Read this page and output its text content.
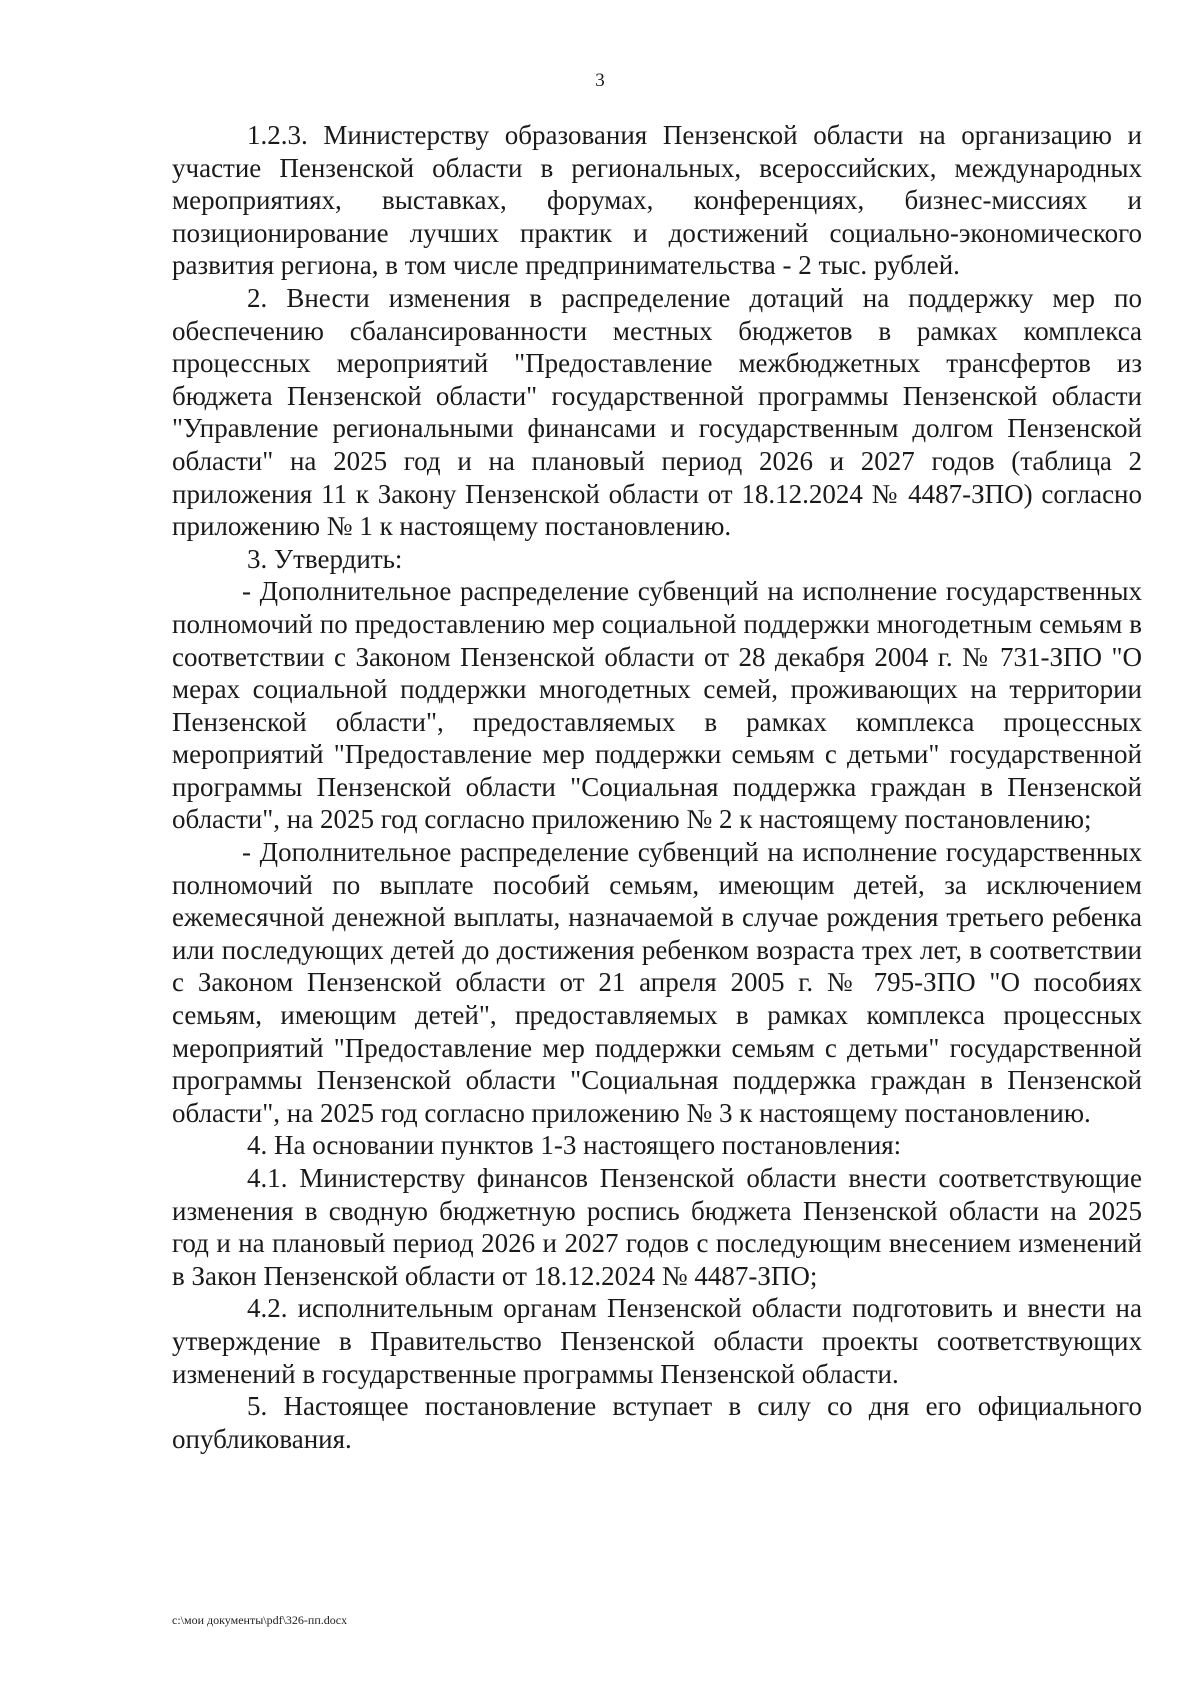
3

1.2.3. Министерству образования Пензенской области на организацию и участие Пензенской области в региональных, всероссийских, международных мероприятиях, выставках, форумах, конференциях, бизнес-миссиях и позиционирование лучших практик и достижений социально-экономического развития региона, в том числе предпринимательства - 2 тыс. рублей.

2. Внести изменения в распределение дотаций на поддержку мер по обеспечению сбалансированности местных бюджетов в рамках комплекса процессных мероприятий "Предоставление межбюджетных трансфертов из бюджета Пензенской области" государственной программы Пензенской области "Управление региональными финансами и государственным долгом Пензенской области" на 2025 год и на плановый период 2026 и 2027 годов (таблица 2 приложения 11 к Закону Пензенской области от 18.12.2024 № 4487-ЗПО) согласно приложению № 1 к настоящему постановлению.

3. Утвердить:

- Дополнительное распределение субвенций на исполнение государственных полномочий по предоставлению мер социальной поддержки многодетным семьям в соответствии с Законом Пензенской области от 28 декабря 2004 г. № 731-ЗПО "О мерах социальной поддержки многодетных семей, проживающих на территории Пензенской области", предоставляемых в рамках комплекса процессных мероприятий "Предоставление мер поддержки семьям с детьми" государственной программы Пензенской области "Социальная поддержка граждан в Пензенской области", на 2025 год согласно приложению № 2 к настоящему постановлению;

- Дополнительное распределение субвенций на исполнение государственных полномочий по выплате пособий семьям, имеющим детей, за исключением ежемесячной денежной выплаты, назначаемой в случае рождения третьего ребенка или последующих детей до достижения ребенком возраста трех лет, в соответствии с Законом Пензенской области от 21 апреля 2005 г. № 795-ЗПО "О пособиях семьям, имеющим детей", предоставляемых в рамках комплекса процессных мероприятий "Предоставление мер поддержки семьям с детьми" государственной программы Пензенской области "Социальная поддержка граждан в Пензенской области", на 2025 год согласно приложению № 3 к настоящему постановлению.

4. На основании пунктов 1-3 настоящего постановления:

4.1. Министерству финансов Пензенской области внести соответствующие изменения в сводную бюджетную роспись бюджета Пензенской области на 2025 год и на плановый период 2026 и 2027 годов с последующим внесением изменений в Закон Пензенской области от 18.12.2024 № 4487-ЗПО;

4.2. исполнительным органам Пензенской области подготовить и внести на утверждение в Правительство Пензенской области проекты соответствующих изменений в государственные программы Пензенской области.

5. Настоящее постановление вступает в силу со дня его официального опубликования.

c:\мои документы\pdf\326-пп.docx
